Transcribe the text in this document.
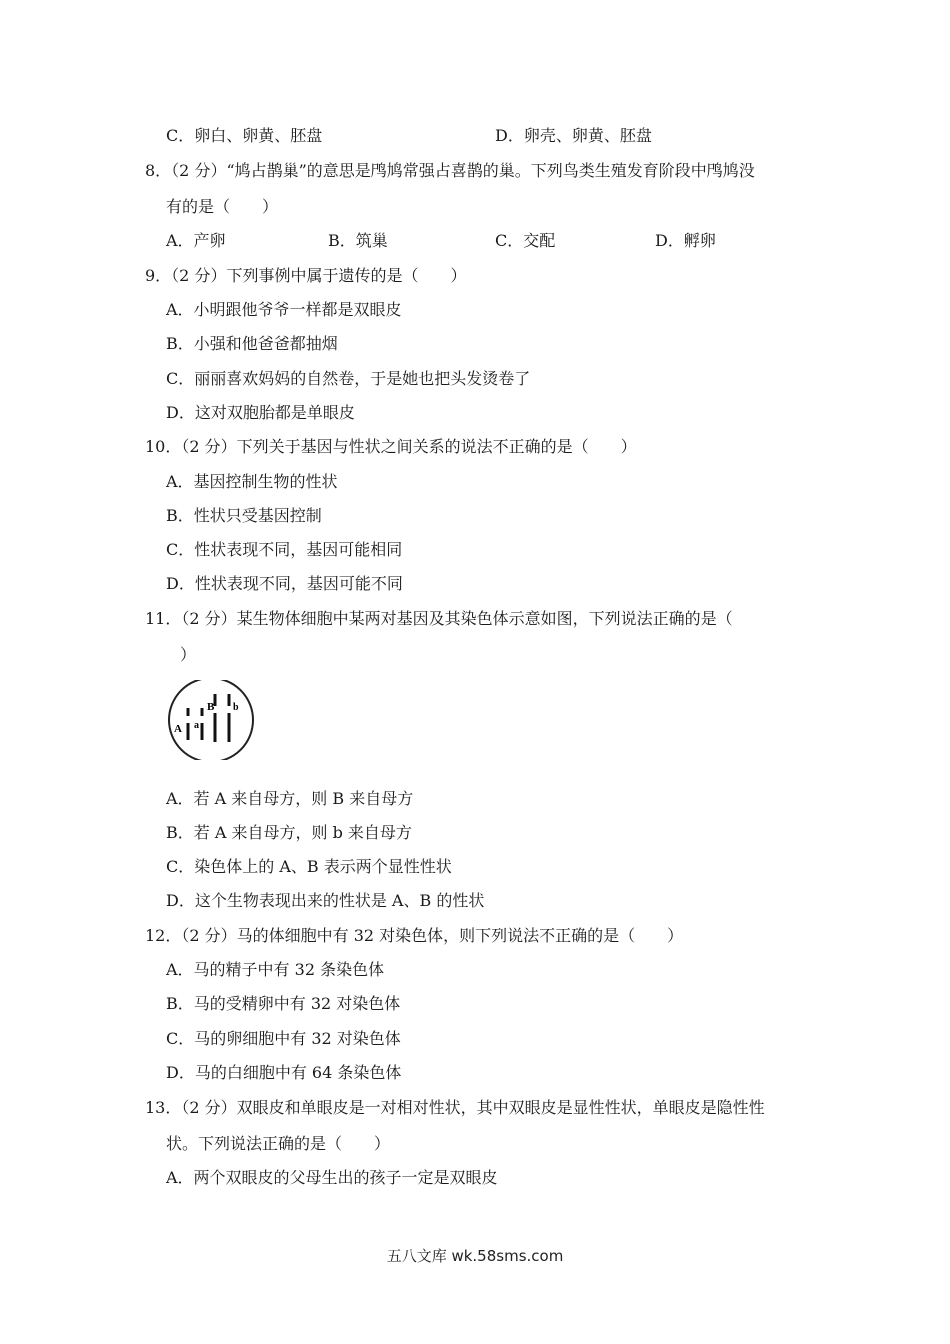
C．卵白、卵黄、胚盘	D．卵壳、卵黄、胚盘
8．（2 分）“鸠占鹊巢”的意思是鸤鸠常强占喜鹊的巢。下列鸟类生殖发育阶段中鸤鸠没
有的是（　　）
A．产卵	B．筑巢	C．交配	D．孵卵
9．（2 分）下列事例中属于遗传的是（　　）
A．小明跟他爷爷一样都是双眼皮
B．小强和他爸爸都抽烟
C．丽丽喜欢妈妈的自然卷，于是她也把头发烫卷了
D．这对双胞胎都是单眼皮
10．（2 分）下列关于基因与性状之间关系的说法不正确的是（　　）
A．基因控制生物的性状
B．性状只受基因控制
C．性状表现不同，基因可能相同
D．性状表现不同，基因可能不同
11．（2 分）某生物体细胞中某两对基因及其染色体示意如图，下列说法正确的是（
）
A a
B b
A．若 A 来自母方，则 B 来自母方
B．若 A 来自母方，则 b 来自母方
C．染色体上的 A、B 表示两个显性性状
D．这个生物表现出来的性状是 A、B 的性状
12．（2 分）马的体细胞中有 32 对染色体，则下列说法不正确的是（　　）
A．马的精子中有 32 条染色体
B．马的受精卵中有 32 对染色体
C．马的卵细胞中有 32 对染色体
D．马的白细胞中有 64 条染色体
13．（2 分）双眼皮和单眼皮是一对相对性状，其中双眼皮是显性性状，单眼皮是隐性性
状。下列说法正确的是（　　）
A．两个双眼皮的父母生出的孩子一定是双眼皮
五八文库 wk.58sms.com
